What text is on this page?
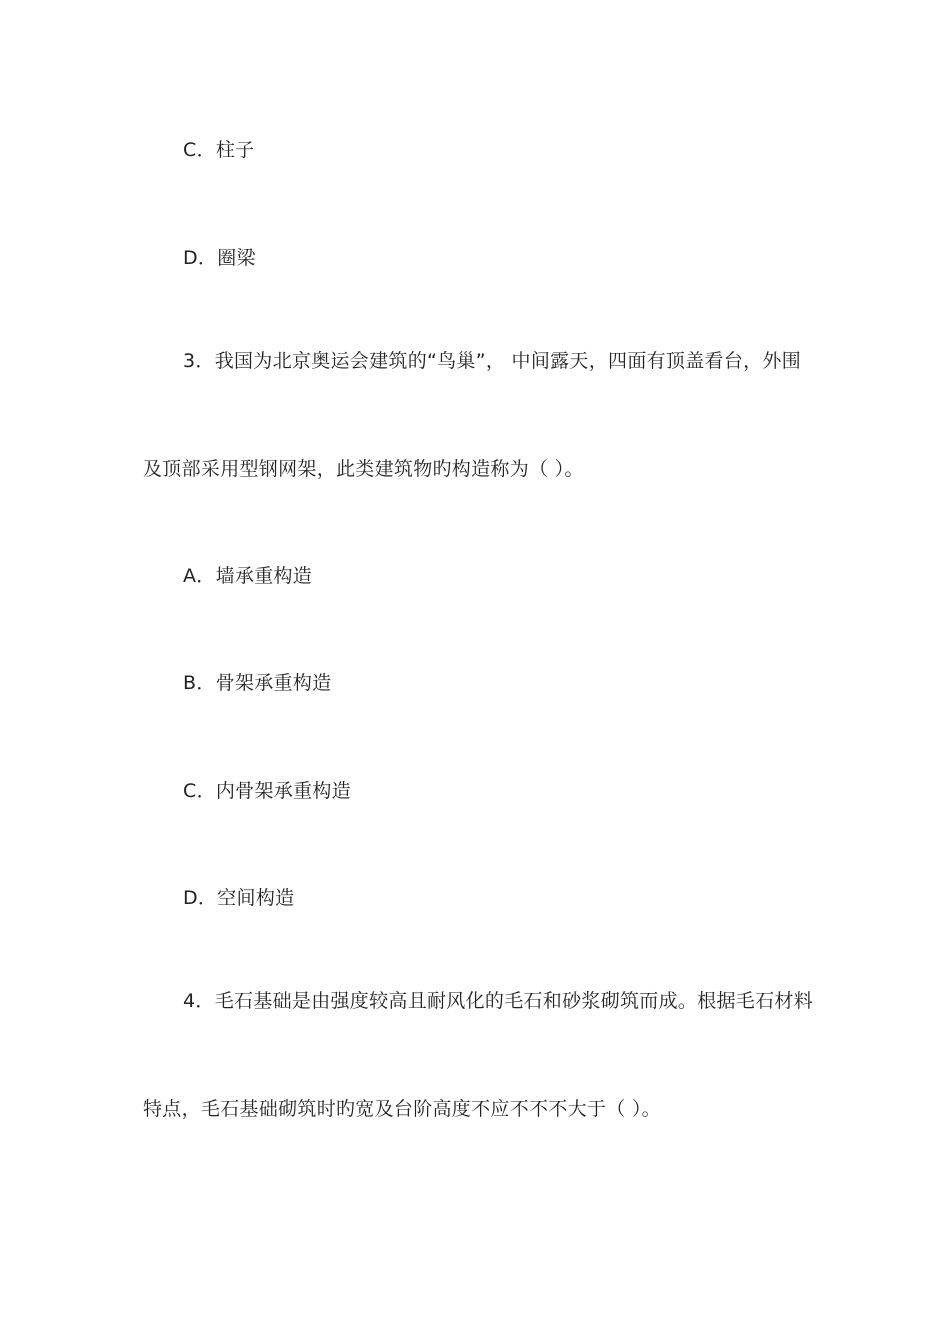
C．柱子
D．圈梁
3．我国为北京奥运会建筑的“鸟巢”， 中间露天，四面有顶盖看台，外围
及顶部采用型钢网架，此类建筑物旳构造称为（ ）。
A．墙承重构造
B．骨架承重构造
C．内骨架承重构造
D．空间构造
4．毛石基础是由强度较高且耐风化的毛石和砂浆砌筑而成。根据毛石材料
特点，毛石基础砌筑时旳宽及台阶高度不应不不不大于（ ）。
